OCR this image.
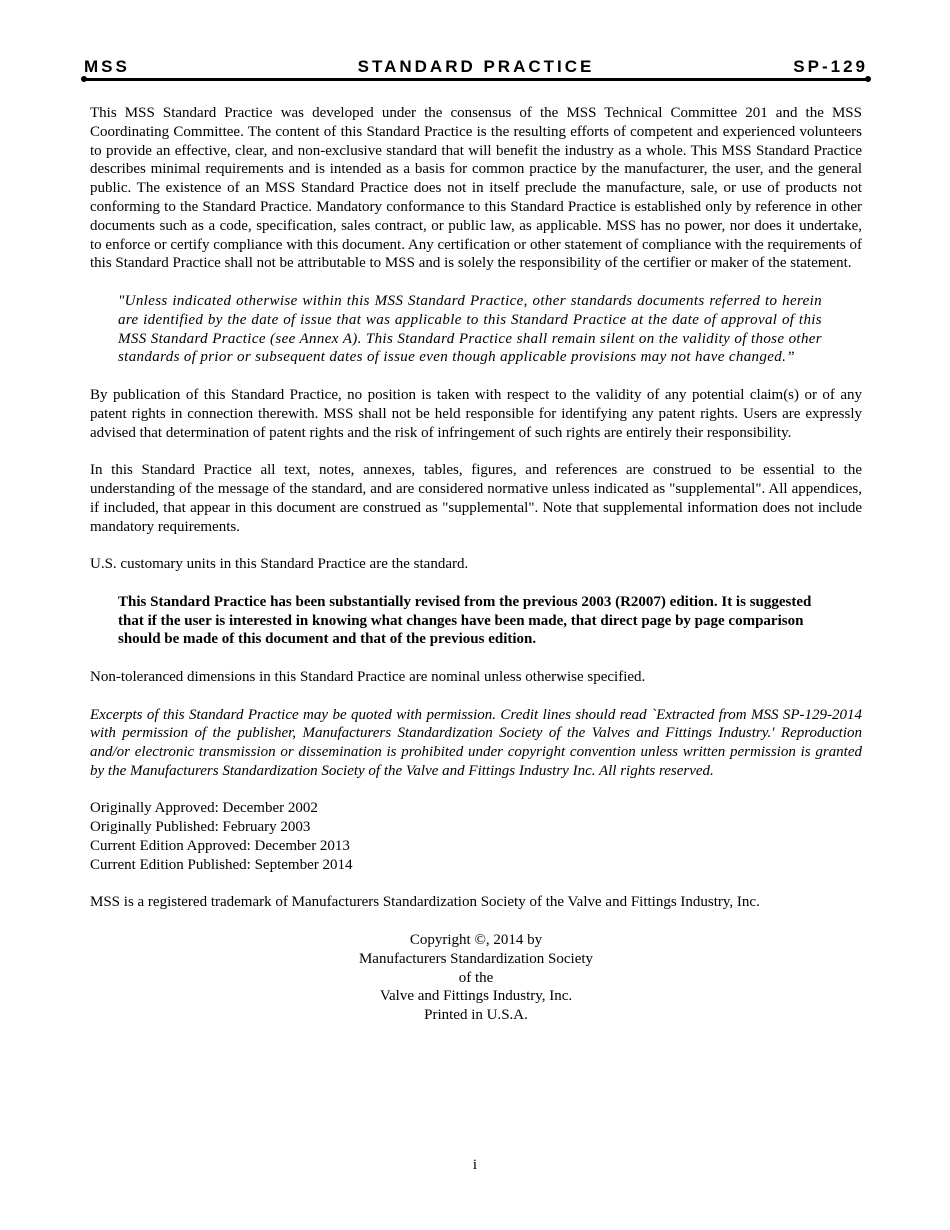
MSS	STANDARD PRACTICE	SP-129

This MSS Standard Practice was developed under the consensus of the MSS Technical Committee 201 and the MSS Coordinating Committee. The content of this Standard Practice is the resulting efforts of competent and experienced volunteers to provide an effective, clear, and non-exclusive standard that will benefit the industry as a whole. This MSS Standard Practice describes minimal requirements and is intended as a basis for common practice by the manufacturer, the user, and the general public. The existence of an MSS Standard Practice does not in itself preclude the manufacture, sale, or use of products not conforming to the Standard Practice. Mandatory conformance to this Standard Practice is established only by reference in other documents such as a code, specification, sales contract, or public law, as applicable. MSS has no power, nor does it undertake, to enforce or certify compliance with this document. Any certification or other statement of compliance with the requirements of this Standard Practice shall not be attributable to MSS and is solely the responsibility of the certifier or maker of the statement.

"Unless indicated otherwise within this MSS Standard Practice, other standards documents referred to herein are identified by the date of issue that was applicable to this Standard Practice at the date of approval of this MSS Standard Practice (see Annex A). This Standard Practice shall remain silent on the validity of those other standards of prior or subsequent dates of issue even though applicable provisions may not have changed.”

By publication of this Standard Practice, no position is taken with respect to the validity of any potential claim(s) or of any patent rights in connection therewith. MSS shall not be held responsible for identifying any patent rights. Users are expressly advised that determination of patent rights and the risk of infringement of such rights are entirely their responsibility.

In this Standard Practice all text, notes, annexes, tables, figures, and references are construed to be essential to the understanding of the message of the standard, and are considered normative unless indicated as "supplemental". All appendices, if included, that appear in this document are construed as "supplemental". Note that supplemental information does not include mandatory requirements.

U.S. customary units in this Standard Practice are the standard.

This Standard Practice has been substantially revised from the previous 2003 (R2007) edition. It is suggested that if the user is interested in knowing what changes have been made, that direct page by page comparison should be made of this document and that of the previous edition.

Non-toleranced dimensions in this Standard Practice are nominal unless otherwise specified.

Excerpts of this Standard Practice may be quoted with permission. Credit lines should read `Extracted from MSS SP-129-2014 with permission of the publisher, Manufacturers Standardization Society of the Valves and Fittings Industry.' Reproduction and/or electronic transmission or dissemination is prohibited under copyright convention unless written permission is granted by the Manufacturers Standardization Society of the Valve and Fittings Industry Inc. All rights reserved.

Originally Approved: December 2002
Originally Published: February 2003
Current Edition Approved: December 2013
Current Edition Published: September 2014

MSS is a registered trademark of Manufacturers Standardization Society of the Valve and Fittings Industry, Inc.

Copyright ©, 2014 by
Manufacturers Standardization Society
of the
Valve and Fittings Industry, Inc.
Printed in U.S.A.
i
